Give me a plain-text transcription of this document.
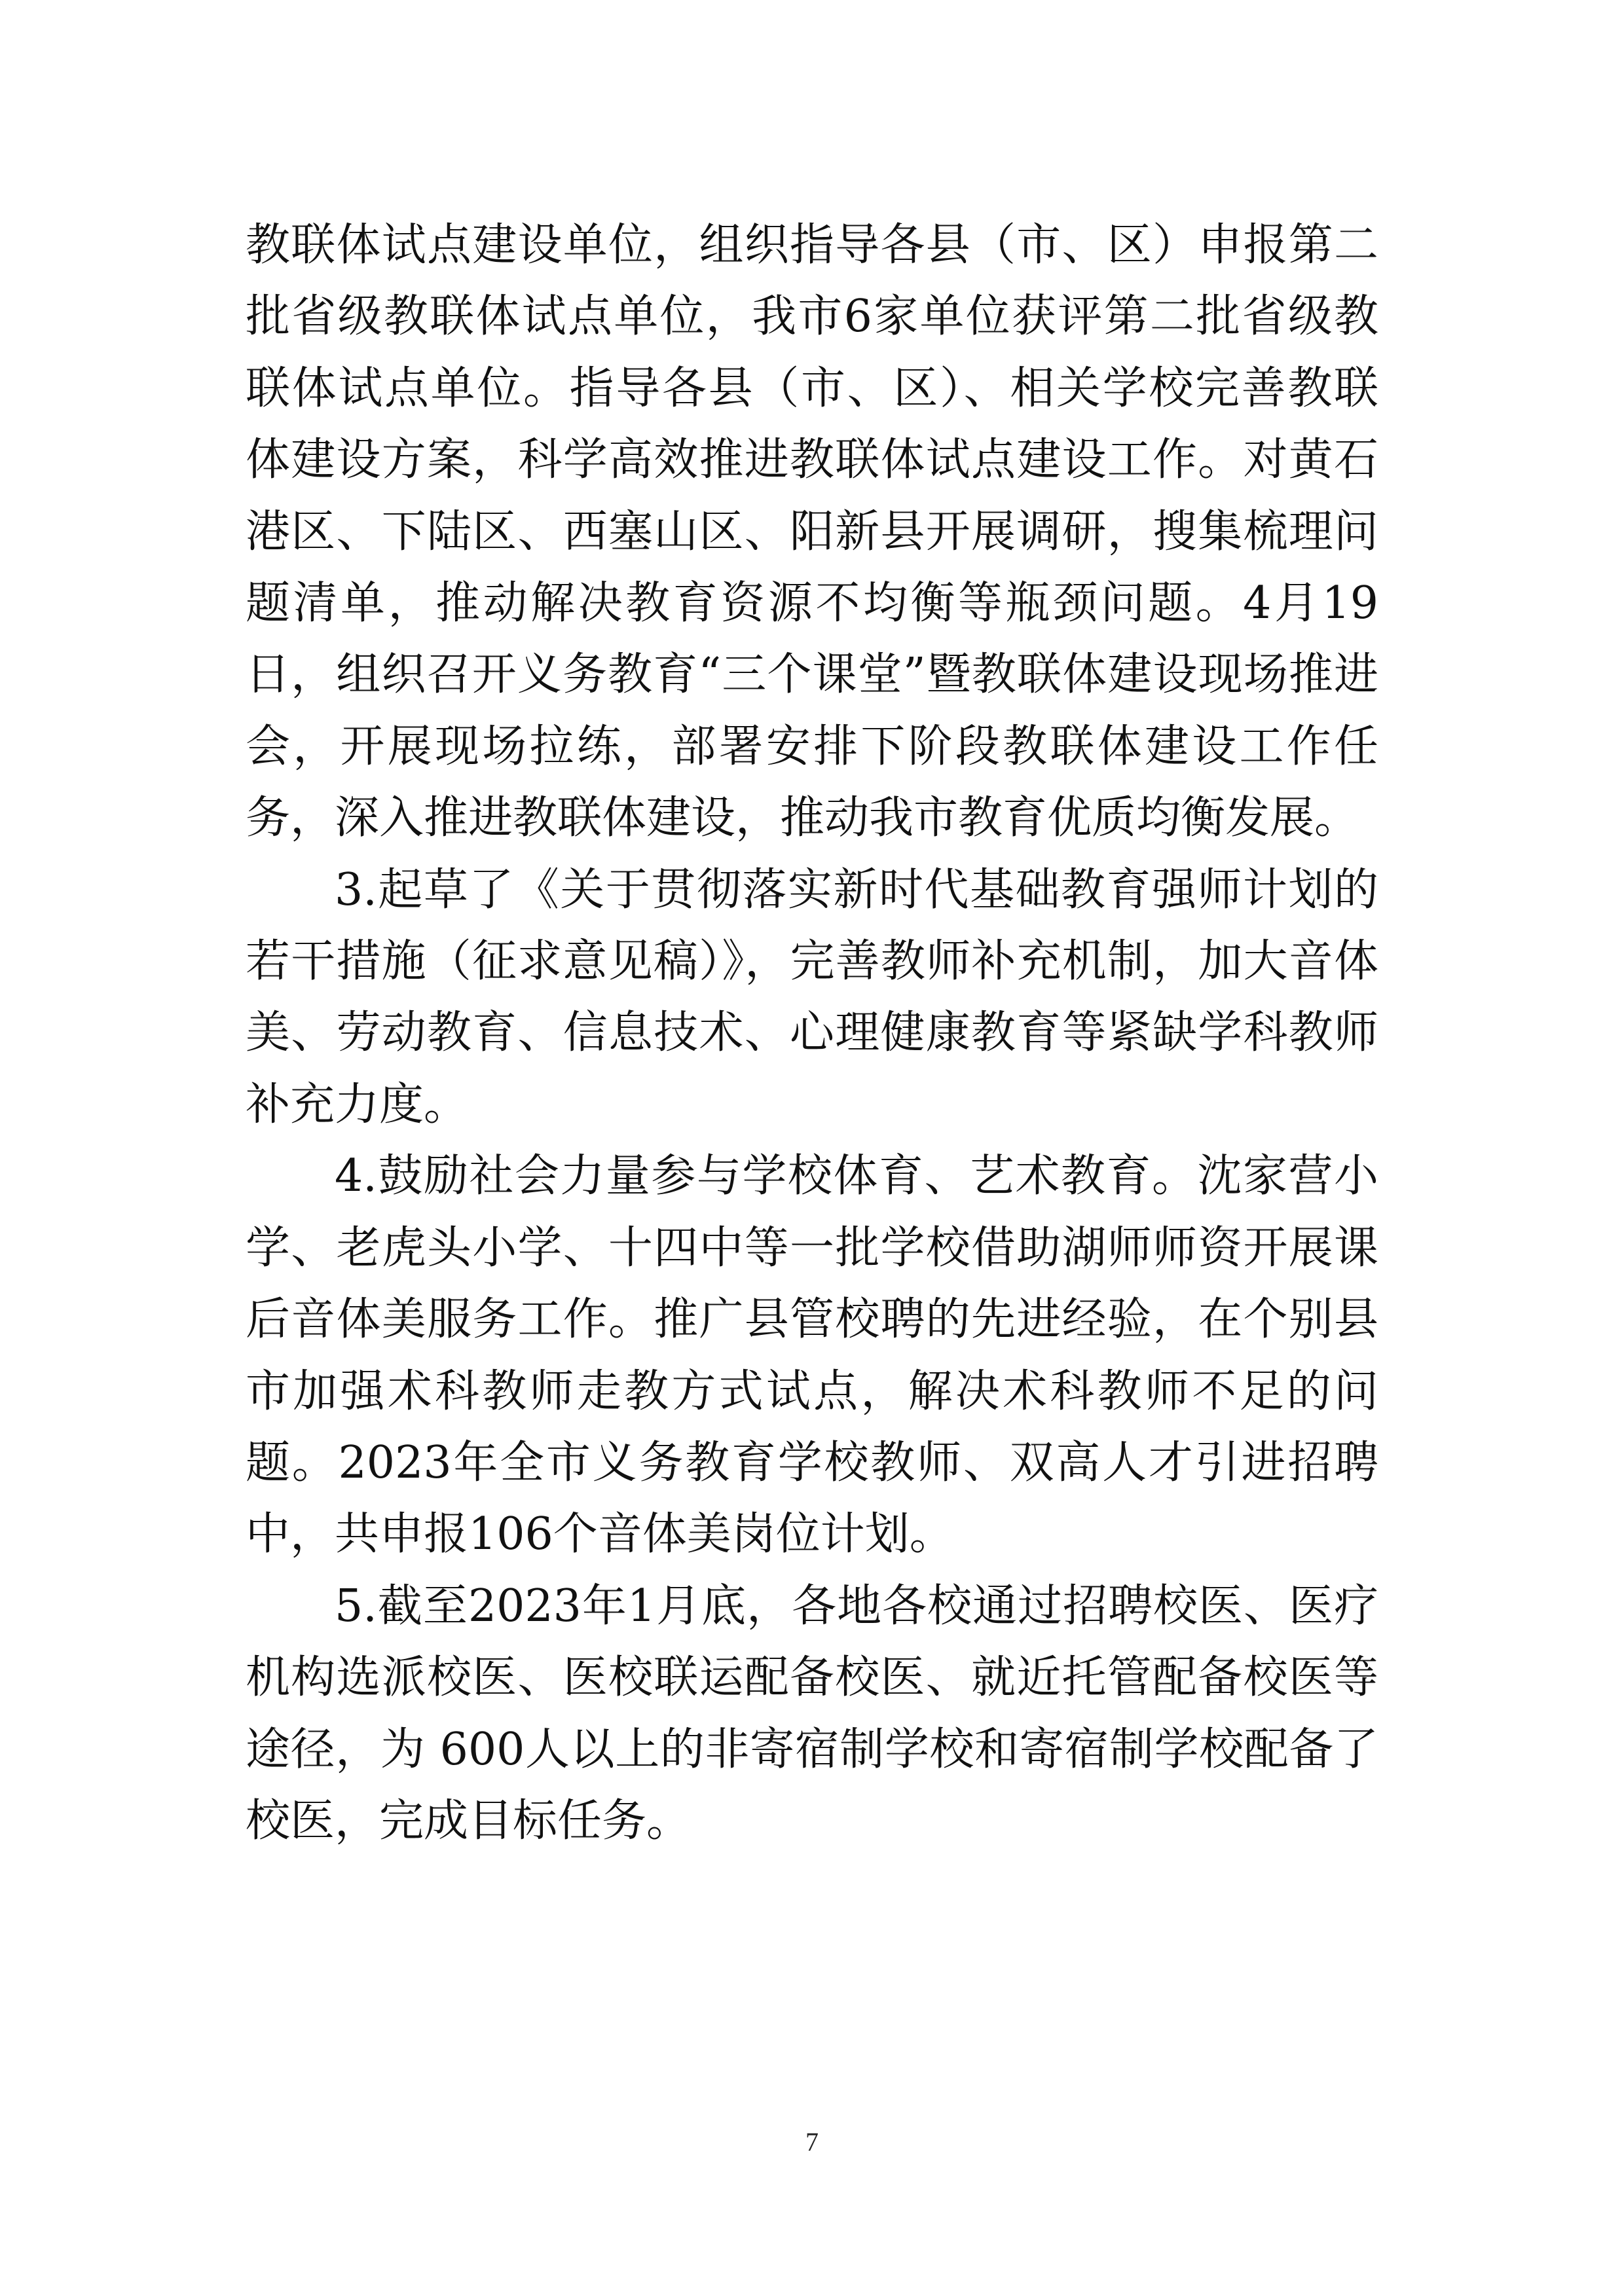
教联体试点建设单位，组织指导各县（市、区）申报第二批省级教联体试点单位，我市6家单位获评第二批省级教联体试点单位。指导各县（市、区）、相关学校完善教联体建设方案，科学高效推进教联体试点建设工作。对黄石港区、下陆区、西塞山区、阳新县开展调研，搜集梳理问题清单，推动解决教育资源不均衡等瓶颈问题。4月19日，组织召开义务教育“三个课堂”暨教联体建设现场推进会，开展现场拉练，部署安排下阶段教联体建设工作任务，深入推进教联体建设，推动我市教育优质均衡发展。

3.起草了《关于贯彻落实新时代基础教育强师计划的若干措施（征求意见稿）》，完善教师补充机制，加大音体美、劳动教育、信息技术、心理健康教育等紧缺学科教师补充力度。

4.鼓励社会力量参与学校体育、艺术教育。沈家营小学、老虎头小学、十四中等一批学校借助湖师师资开展课后音体美服务工作。推广县管校聘的先进经验，在个别县市加强术科教师走教方式试点，解决术科教师不足的问题。2023年全市义务教育学校教师、双高人才引进招聘中，共申报106个音体美岗位计划。

5.截至2023年1月底，各地各校通过招聘校医、医疗机构选派校医、医校联运配备校医、就近托管配备校医等途径，为 600人以上的非寄宿制学校和寄宿制学校配备了校医，完成目标任务。

7
